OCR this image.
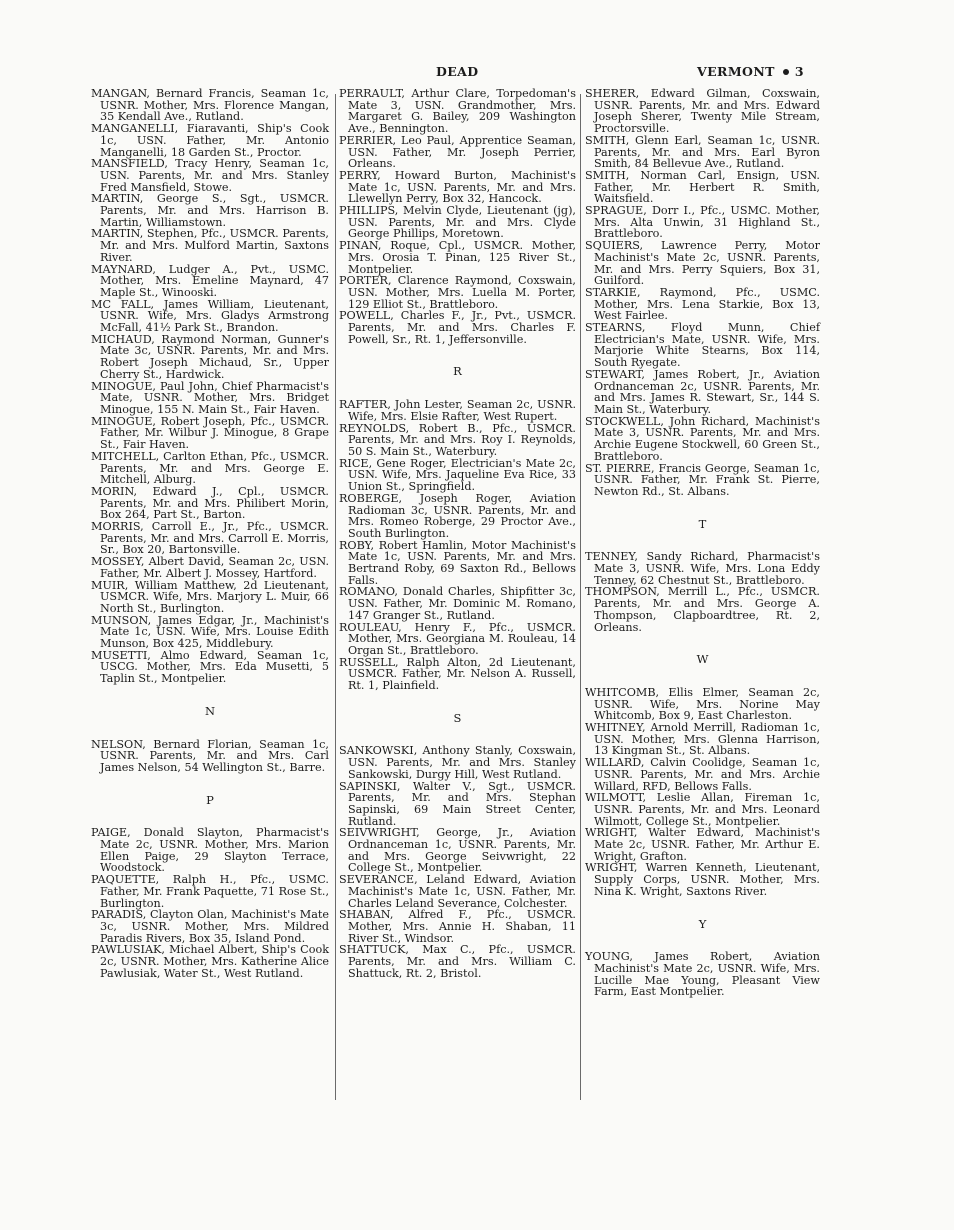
DEAD	VERMONT 3
MANGAN, Bernard Francis, Seaman 1c, USNR. Mother, Mrs. Florence Mangan, 35 Kendall Ave., Rutland.
MANGANELLI, Fiaravanti, Ship's Cook 1c, USN. Father, Mr. Antonio Manganelli, 18 Garden St., Proctor.
MANSFIELD, Tracy Henry, Seaman 1c, USN. Parents, Mr. and Mrs. Stanley Fred Mansfield, Stowe.
MARTIN, George S., Sgt., USMCR. Parents, Mr. and Mrs. Harrison B. Martin, Williamstown.
MARTIN, Stephen, Pfc., USMCR. Parents, Mr. and Mrs. Mulford Martin, Saxtons River.
MAYNARD, Ludger A., Pvt., USMC. Mother, Mrs. Emeline Maynard, 47 Maple St., Winooski.
MC FALL, James William, Lieutenant, USNR. Wife, Mrs. Gladys Armstrong McFall, 41½ Park St., Brandon.
MICHAUD, Raymond Norman, Gunner's Mate 3c, USNR. Parents, Mr. and Mrs. Robert Joseph Michaud, Sr., Upper Cherry St., Hardwick.
MINOGUE, Paul John, Chief Pharmacist's Mate, USNR. Mother, Mrs. Bridget Minogue, 155 N. Main St., Fair Haven.
MINOGUE, Robert Joseph, Pfc., USMCR. Father, Mr. Wilbur J. Minogue, 8 Grape St., Fair Haven.
MITCHELL, Carlton Ethan, Pfc., USMCR. Parents, Mr. and Mrs. George E. Mitchell, Alburg.
MORIN, Edward J., Cpl., USMCR. Parents, Mr. and Mrs. Philibert Morin, Box 264, Part St., Barton.
MORRIS, Carroll E., Jr., Pfc., USMCR. Parents, Mr. and Mrs. Carroll E. Morris, Sr., Box 20, Bartonsville.
MOSSEY, Albert David, Seaman 2c, USN. Father, Mr. Albert J. Mossey, Hartford.
MUIR, William Matthew, 2d Lieutenant, USMCR. Wife, Mrs. Marjory L. Muir, 66 North St., Burlington.
MUNSON, James Edgar, Jr., Machinist's Mate 1c, USN. Wife, Mrs. Louise Edith Munson, Box 425, Middlebury.
MUSETTI, Almo Edward, Seaman 1c, USCG. Mother, Mrs. Eda Musetti, 5 Taplin St., Montpelier.
N
NELSON, Bernard Florian, Seaman 1c, USNR. Parents, Mr. and Mrs. Carl James Nelson, 54 Wellington St., Barre.
P
PAIGE, Donald Slayton, Pharmacist's Mate 2c, USNR. Mother, Mrs. Marion Ellen Paige, 29 Slayton Terrace, Woodstock.
PAQUETTE, Ralph H., Pfc., USMC. Father, Mr. Frank Paquette, 71 Rose St., Burlington.
PARADIS, Clayton Olan, Machinist's Mate 3c, USNR. Mother, Mrs. Mildred Paradis Rivers, Box 35, Island Pond.
PAWLUSIAK, Michael Albert, Ship's Cook 2c, USNR. Mother, Mrs. Katherine Alice Pawlusiak, Water St., West Rutland.
PERRAULT, Arthur Clare, Torpedoman's Mate 3, USN. Grandmother, Mrs. Margaret G. Bailey, 209 Washington Ave., Bennington.
PERRIER, Leo Paul, Apprentice Seaman, USN. Father, Mr. Joseph Perrier, Orleans.
PERRY, Howard Burton, Machinist's Mate 1c, USN. Parents, Mr. and Mrs. Llewellyn Perry, Box 32, Hancock.
PHILLIPS, Melvin Clyde, Lieutenant (jg), USN. Parents, Mr. and Mrs. Clyde George Phillips, Moretown.
PINAN, Roque, Cpl., USMCR. Mother, Mrs. Orosia T. Pinan, 125 River St., Montpelier.
PORTER, Clarence Raymond, Coxswain, USN. Mother, Mrs. Luella M. Porter, 129 Elliot St., Brattleboro.
POWELL, Charles F., Jr., Pvt., USMCR. Parents, Mr. and Mrs. Charles F. Powell, Sr., Rt. 1, Jeffersonville.
R
RAFTER, John Lester, Seaman 2c, USNR. Wife, Mrs. Elsie Rafter, West Rupert.
REYNOLDS, Robert B., Pfc., USMCR. Parents, Mr. and Mrs. Roy I. Reynolds, 50 S. Main St., Waterbury.
RICE, Gene Roger, Electrician's Mate 2c, USN. Wife, Mrs. Jaqueline Eva Rice, 33 Union St., Springfield.
ROBERGE, Joseph Roger, Aviation Radioman 3c, USNR. Parents, Mr. and Mrs. Romeo Roberge, 29 Proctor Ave., South Burlington.
ROBY, Robert Hamlin, Motor Machinist's Mate 1c, USN. Parents, Mr. and Mrs. Bertrand Roby, 69 Saxton Rd., Bellows Falls.
ROMANO, Donald Charles, Shipfitter 3c, USN. Father, Mr. Dominic M. Romano, 147 Granger St., Rutland.
ROULEAU, Henry F., Pfc., USMCR. Mother, Mrs. Georgiana M. Rouleau, 14 Organ St., Brattleboro.
RUSSELL, Ralph Alton, 2d Lieutenant, USMCR. Father, Mr. Nelson A. Russell, Rt. 1, Plainfield.
S
SANKOWSKI, Anthony Stanly, Coxswain, USN. Parents, Mr. and Mrs. Stanley Sankowski, Durgy Hill, West Rutland.
SAPINSKI, Walter V., Sgt., USMCR. Parents, Mr. and Mrs. Stephan Sapinski, 69 Main Street Center, Rutland.
SEIVWRIGHT, George, Jr., Aviation Ordnanceman 1c, USNR. Parents, Mr. and Mrs. George Seivwright, 22 College St., Montpelier.
SEVERANCE, Leland Edward, Aviation Machinist's Mate 1c, USN. Father, Mr. Charles Leland Severance, Colchester.
SHABAN, Alfred F., Pfc., USMCR. Mother, Mrs. Annie H. Shaban, 11 River St., Windsor.
SHATTUCK, Max C., Pfc., USMCR. Parents, Mr. and Mrs. William C. Shattuck, Rt. 2, Bristol.
SHERER, Edward Gilman, Coxswain, USNR. Parents, Mr. and Mrs. Edward Joseph Sherer, Twenty Mile Stream, Proctorsville.
SMITH, Glenn Earl, Seaman 1c, USNR. Parents, Mr. and Mrs. Earl Byron Smith, 84 Bellevue Ave., Rutland.
SMITH, Norman Carl, Ensign, USN. Father, Mr. Herbert R. Smith, Waitsfield.
SPRAGUE, Dorr I., Pfc., USMC. Mother, Mrs. Alta Unwin, 31 Highland St., Brattleboro.
SQUIERS, Lawrence Perry, Motor Machinist's Mate 2c, USNR. Parents, Mr. and Mrs. Perry Squiers, Box 31, Guilford.
STARKIE, Raymond, Pfc., USMC. Mother, Mrs. Lena Starkie, Box 13, West Fairlee.
STEARNS, Floyd Munn, Chief Electrician's Mate, USNR. Wife, Mrs. Marjorie White Stearns, Box 114, South Ryegate.
STEWART, James Robert, Jr., Aviation Ordnanceman 2c, USNR. Parents, Mr. and Mrs. James R. Stewart, Sr., 144 S. Main St., Waterbury.
STOCKWELL, John Richard, Machinist's Mate 3, USNR. Parents, Mr. and Mrs. Archie Eugene Stockwell, 60 Green St., Brattleboro.
ST. PIERRE, Francis George, Seaman 1c, USNR. Father, Mr. Frank St. Pierre, Newton Rd., St. Albans.
T
TENNEY, Sandy Richard, Pharmacist's Mate 3, USNR. Wife, Mrs. Lona Eddy Tenney, 62 Chestnut St., Brattleboro.
THOMPSON, Merrill L., Pfc., USMCR. Parents, Mr. and Mrs. George A. Thompson, Clapboardtree, Rt. 2, Orleans.
W
WHITCOMB, Ellis Elmer, Seaman 2c, USNR. Wife, Mrs. Norine May Whitcomb, Box 9, East Charleston.
WHITNEY, Arnold Merrill, Radioman 1c, USN. Mother, Mrs. Glenna Harrison, 13 Kingman St., St. Albans.
WILLARD, Calvin Coolidge, Seaman 1c, USNR. Parents, Mr. and Mrs. Archie Willard, RFD, Bellows Falls.
WILMOTT, Leslie Allan, Fireman 1c, USNR. Parents, Mr. and Mrs. Leonard Wilmott, College St., Montpelier.
WRIGHT, Walter Edward, Machinist's Mate 2c, USNR. Father, Mr. Arthur E. Wright, Grafton.
WRIGHT, Warren Kenneth, Lieutenant, Supply Corps, USNR. Mother, Mrs. Nina K. Wright, Saxtons River.
Y
YOUNG, James Robert, Aviation Machinist's Mate 2c, USNR. Wife, Mrs. Lucille Mae Young, Pleasant View Farm, East Montpelier.
